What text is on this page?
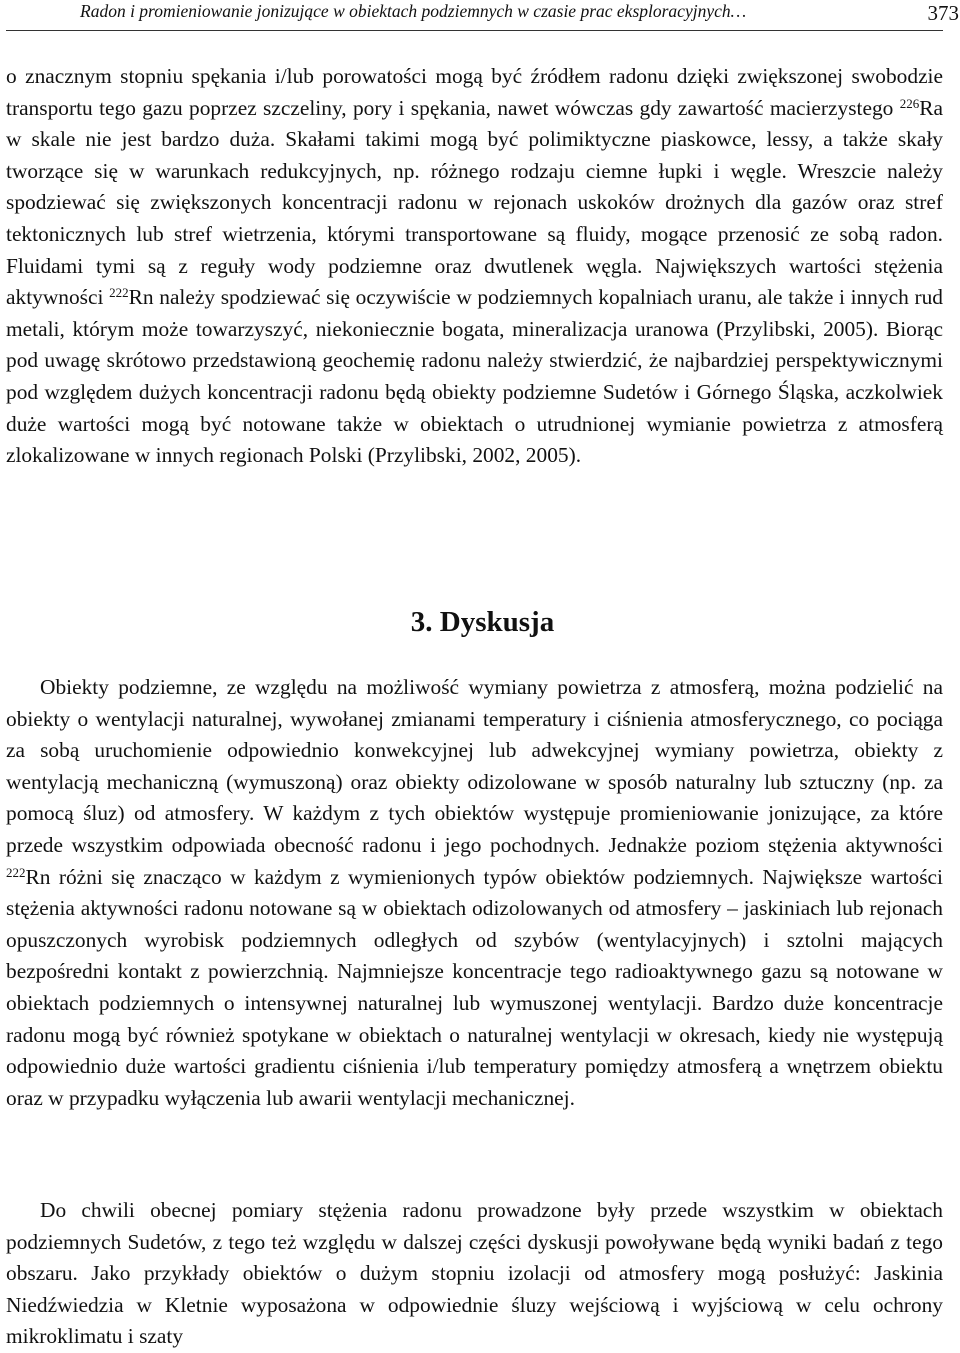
Radon i promieniowanie jonizujące w obiektach podziemnych w czasie prac eksploracyjnych…	373

o znacznym stopniu spękania i/lub porowatości mogą być źródłem radonu dzięki zwiększonej swobodzie transportu tego gazu poprzez szczeliny, pory i spękania, nawet wówczas gdy zawartość macierzystego $^{226}$Ra w skale nie jest bardzo duża. Skałami takimi mogą być polimiktyczne piaskowce, lessy, a także skały tworzące się w warunkach redukcyjnych, np. różnego rodzaju ciemne łupki i węgle. Wreszcie należy spodziewać się zwiększonych koncentracji radonu w rejonach uskoków drożnych dla gazów oraz stref tektonicznych lub stref wietrzenia, którymi transportowane są fluidy, mogące przenosić ze sobą radon. Fluidami tymi są z reguły wody podziemne oraz dwutlenek węgla. Największych wartości stężenia aktywności $^{222}$Rn należy spodziewać się oczywiście w podziemnych kopalniach uranu, ale także i innych rud metali, którym może towarzyszyć, niekoniecznie bogata, mineralizacja uranowa (Przylibski, 2005). Biorąc pod uwagę skrótowo przedstawioną geochemię radonu należy stwierdzić, że najbardziej perspektywicznymi pod względem dużych koncentracji radonu będą obiekty podziemne Sudetów i Górnego Śląska, aczkolwiek duże wartości mogą być notowane także w obiektach o utrudnionej wymianie powietrza z atmosferą zlokalizowane w innych regionach Polski (Przylibski, 2002, 2005).

3. Dyskusja

Obiekty podziemne, ze względu na możliwość wymiany powietrza z atmosferą, można podzielić na obiekty o wentylacji naturalnej, wywołanej zmianami temperatury i ciśnienia atmosferycznego, co pociąga za sobą uruchomienie odpowiednio konwekcyjnej lub adwekcyjnej wymiany powietrza, obiekty z wentylacją mechaniczną (wymuszoną) oraz obiekty odizolowane w sposób naturalny lub sztuczny (np. za pomocą śluz) od atmosfery. W każdym z tych obiektów występuje promieniowanie jonizujące, za które przede wszystkim odpowiada obecność radonu i jego pochodnych. Jednakże poziom stężenia aktywności $^{222}$Rn różni się znacząco w każdym z wymienionych typów obiektów podziemnych. Największe wartości stężenia aktywności radonu notowane są w obiektach odizolowanych od atmosfery – jaskiniach lub rejonach opuszczonych wyrobisk podziemnych odległych od szybów (wentylacyjnych) i sztolni mających bezpośredni kontakt z powierzchnią. Najmniejsze koncentracje tego radioaktywnego gazu są notowane w obiektach podziemnych o intensywnej naturalnej lub wymuszonej wentylacji. Bardzo duże koncentracje radonu mogą być również spotykane w obiektach o naturalnej wentylacji w okresach, kiedy nie występują odpowiednio duże wartości gradientu ciśnienia i/lub temperatury pomiędzy atmosferą a wnętrzem obiektu oraz w przypadku wyłączenia lub awarii wentylacji mechanicznej.

Do chwili obecnej pomiary stężenia radonu prowadzone były przede wszystkim w obiektach podziemnych Sudetów, z tego też względu w dalszej części dyskusji powoływane będą wyniki badań z tego obszaru. Jako przykłady obiektów o dużym stopniu izolacji od atmosfery mogą posłużyć: Jaskinia Niedźwiedzia w Kletnie wyposażona w odpowiednie śluzy wejściową i wyjściową w celu ochrony mikroklimatu i szaty
